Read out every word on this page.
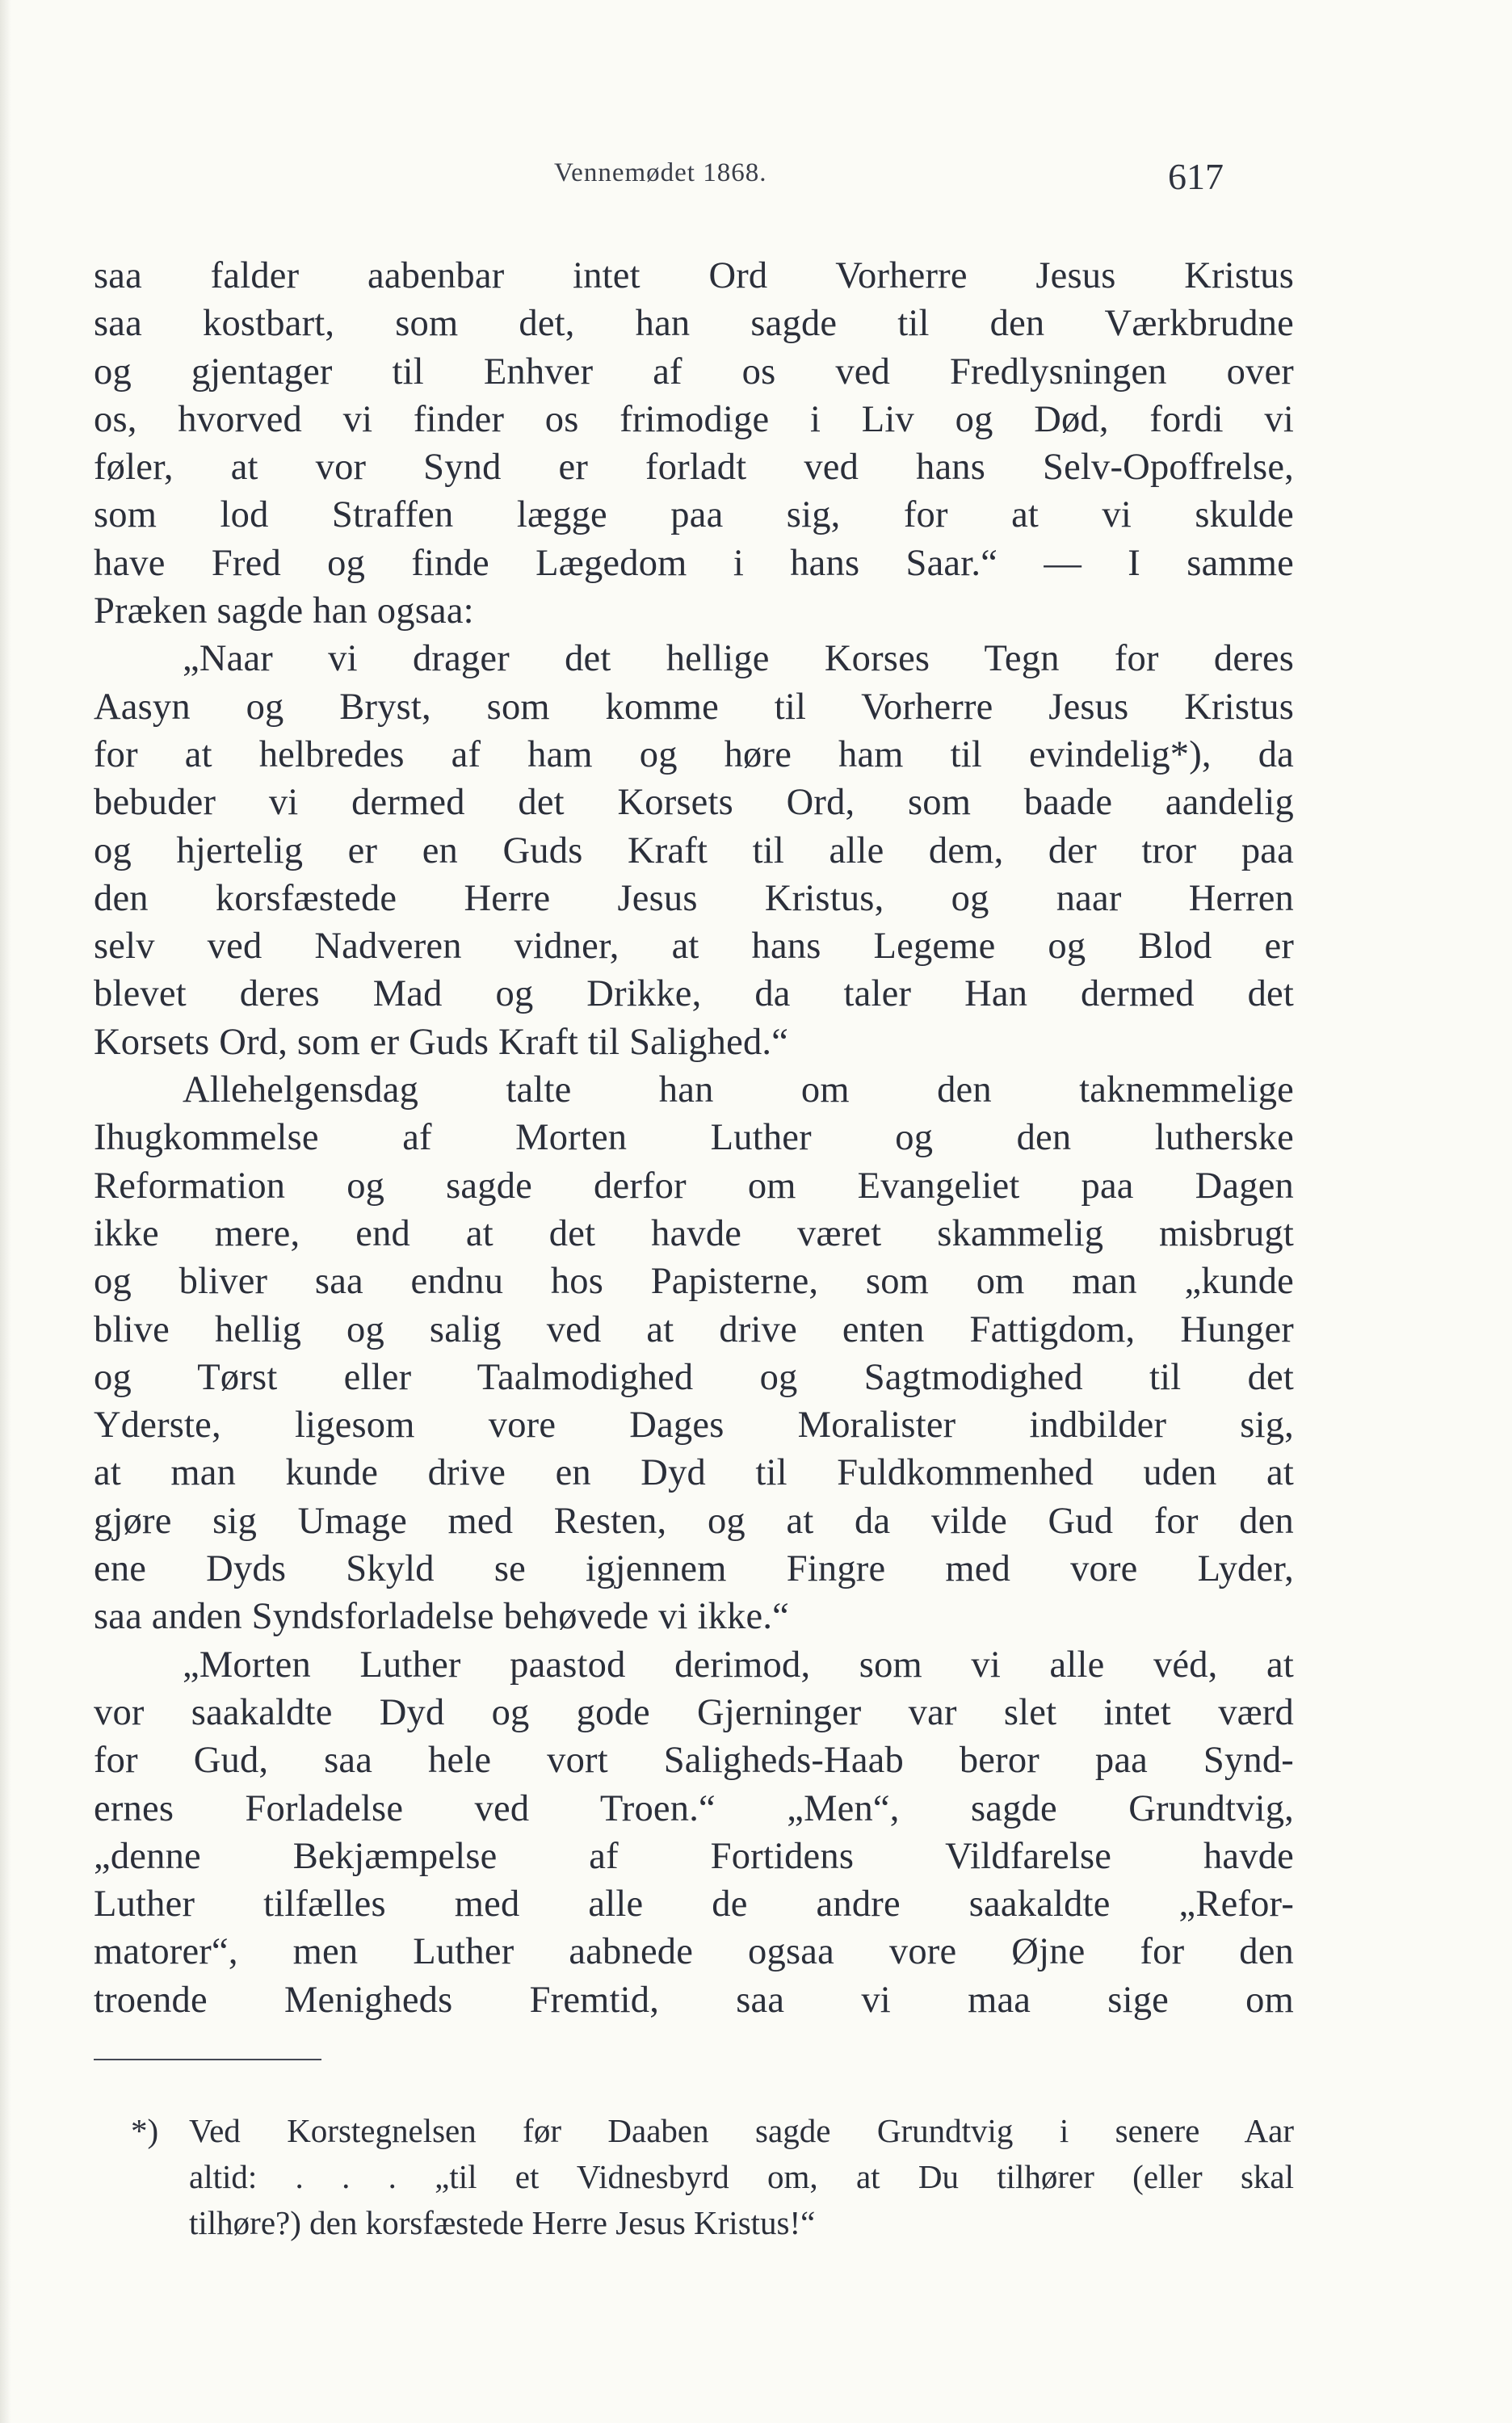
Vennemødet 1868.	617
saa falder aabenbar intet Ord Vorherre Jesus Kristus
saa kostbart, som det, han sagde til den Værkbrudne
og gjentager til Enhver af os ved Fredlysningen over
os, hvorved vi finder os frimodige i Liv og Død, fordi vi
føler, at vor Synd er forladt ved hans Selv-Opoffrelse,
som lod Straffen lægge paa sig, for at vi skulde
have Fred og finde Lægedom i hans Saar.“ — I samme
Præken sagde han ogsaa:
„Naar vi drager det hellige Korses Tegn for deres
Aasyn og Bryst, som komme til Vorherre Jesus Kristus
for at helbredes af ham og høre ham til evindelig*), da
bebuder vi dermed det Korsets Ord, som baade aandelig
og hjertelig er en Guds Kraft til alle dem, der tror paa
den korsfæstede Herre Jesus Kristus, og naar Herren
selv ved Nadveren vidner, at hans Legeme og Blod er
blevet deres Mad og Drikke, da taler Han dermed det
Korsets Ord, som er Guds Kraft til Salighed.“
Allehelgensdag talte han om den taknemmelige
Ihugkommelse af Morten Luther og den lutherske
Reformation og sagde derfor om Evangeliet paa Dagen
ikke mere, end at det havde været skammelig misbrugt
og bliver saa endnu hos Papisterne, som om man „kunde
blive hellig og salig ved at drive enten Fattigdom, Hunger
og Tørst eller Taalmodighed og Sagtmodighed til det
Yderste, ligesom vore Dages Moralister indbilder sig,
at man kunde drive en Dyd til Fuldkommenhed uden at
gjøre sig Umage med Resten, og at da vilde Gud for den
ene Dyds Skyld se igjennem Fingre med vore Lyder,
saa anden Syndsforladelse behøvede vi ikke.“
„Morten Luther paastod derimod, som vi alle véd, at
vor saakaldte Dyd og gode Gjerninger var slet intet værd
for Gud, saa hele vort Saligheds-Haab beror paa Synd-
ernes Forladelse ved Troen.“ „Men“, sagde Grundtvig,
„denne Bekjæmpelse af Fortidens Vildfarelse havde
Luther tilfælles med alle de andre saakaldte „Refor-
matorer“, men Luther aabnede ogsaa vore Øjne for den
troende Menigheds Fremtid, saa vi maa sige om
*) Ved Korstegnelsen før Daaben sagde Grundtvig i senere Aar
altid: . . . „til et Vidnesbyrd om, at Du tilhører (eller skal
tilhøre?) den korsfæstede Herre Jesus Kristus!“
